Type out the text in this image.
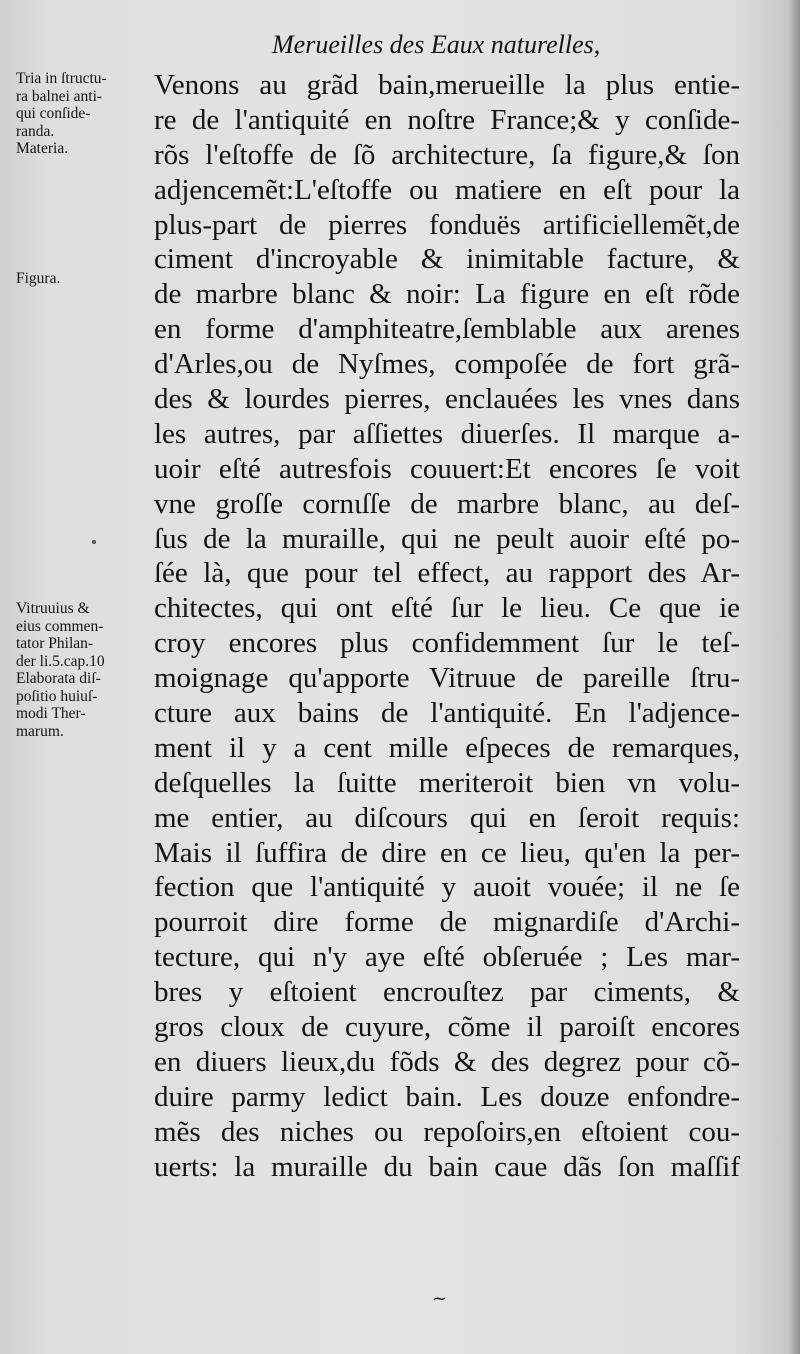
Merueilles des Eaux naturelles,
Tria in ſtructu-
ra balnei anti-
qui conſide-
randa.
Materia.
Figura.
Vitruuius &
eius commen-
tator Philan-
der li.5.cap.10
Elaborata diſ-
poſitio huiuſ-
modi Ther-
marum.
Venons au grãd bain,merueille la plus entie-
re de l'antiquité en noſtre France;& y conſide-
rõs l'eſtoffe de ſõ architecture, ſa figure,& ſon
adjencemẽt:L'eſtoffe ou matiere en eſt pour la
plus-part de pierres fonduës artificiellemẽt,de
ciment d'incroyable & inimitable facture, &
de marbre blanc & noir: La figure en eſt rõde
en forme d'amphiteatre,ſemblable aux arenes
d'Arles,ou de Nyſmes, compoſée de fort grã-
des & lourdes pierres, enclauées les vnes dans
les autres, par aſſiettes diuerſes. Il marque a-
uoir eſté autresfois couuert:Et encores ſe voit
vne groſſe cornιſſe de marbre blanc, au deſ-
ſus de la muraille, qui ne peult auoir eſté po-
ſée là, que pour tel effect, au rapport des Ar-
chitectes, qui ont eſté ſur le lieu. Ce que ie
croy encores plus confidemment ſur le teſ-
moignage qu'apporte Vitruue de pareille ſtru-
cture aux bains de l'antiquité. En l'adjence-
ment il y a cent mille eſpeces de remarques,
deſquelles la ſuitte meriteroit bien vn volu-
me entier, au diſcours qui en ſeroit requis:
Mais il ſuffira de dire en ce lieu, qu'en la per-
fection que l'antiquité y auoit vouée; il ne ſe
pourroit dire forme de mignardiſe d'Archi-
tecture, qui n'y aye eſté obſeruée ; Les mar-
bres y eſtoient encrouſtez par ciments, &
gros cloux de cuyure, cõme il paroiſt encores
en diuers lieux,du fõds & des degrez pour cõ-
duire parmy ledict bain. Les douze enfondre-
mẽs des niches ou repoſoirs,en eſtoient cou-
uerts: la muraille du bain caue dãs ſon maſſif
~
